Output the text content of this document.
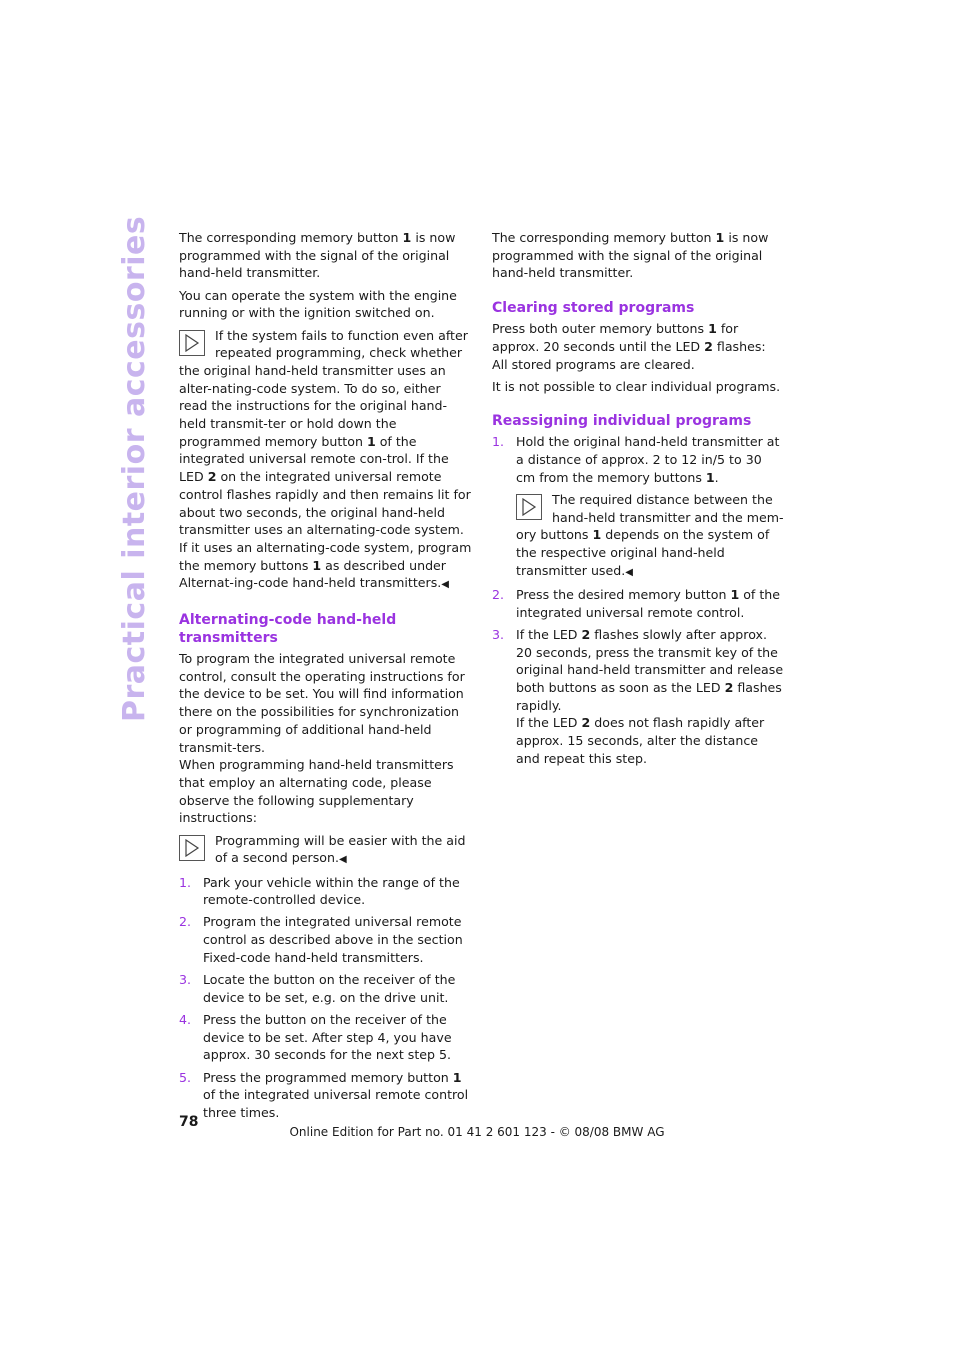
Practical interior accessories The corresponding memory button 1 is now programmed with the signal of the original hand-held transmitter.

You can operate the system with the engine running or with the ignition switched on.

If the system fails to function even after repeated programming, check whether the original hand-held transmitter uses an alter-nating-code system. To do so, either read the instructions for the original hand-held transmit-ter or hold down the programmed memory button 1 of the integrated universal remote con-trol. If the LED 2 on the integrated universal remote control flashes rapidly and then remains lit for about two seconds, the original hand-held transmitter uses an alternating-code system. If it uses an alternating-code system, program the memory buttons 1 as described under Alternat-ing-code hand-held transmitters.◀
Alternating-code hand-held transmitters

To program the integrated universal remote control, consult the operating instructions for the device to be set. You will find information there on the possibilities for synchronization or programming of additional hand-held transmit-ters.

When programming hand-held transmitters that employ an alternating code, please observe the following supplementary instructions:

Programming will be easier with the aid of a second person.◀
1. Park your vehicle within the range of the remote-controlled device.
2. Program the integrated universal remote control as described above in the section Fixed-code hand-held transmitters.
3. Locate the button on the receiver of the device to be set, e.g. on the drive unit.
4. Press the button on the receiver of the device to be set. After step 4, you have approx. 30 seconds for the next step 5.
5. Press the programmed memory button 1 of the integrated universal remote control three times.

The corresponding memory button 1 is now programmed with the signal of the original hand-held transmitter.

Clearing stored programs

Press both outer memory buttons 1 for approx. 20 seconds until the LED 2 flashes: All stored programs are cleared.

It is not possible to clear individual programs.

Reassigning individual programs
1. Hold the original hand-held transmitter at a distance of approx. 2 to 12 in/5 to 30 cm from the memory buttons 1.
The required distance between the hand-held transmitter and the mem-ory buttons 1 depends on the system of the respective original hand-held transmitter used.◀
2. Press the desired memory button 1 of the integrated universal remote control.
3. If the LED 2 flashes slowly after approx. 20 seconds, press the transmit key of the original hand-held transmitter and release both buttons as soon as the LED 2 flashes rapidly.
If the LED 2 does not flash rapidly after approx. 15 seconds, alter the distance and repeat this step.
78
Online Edition for Part no. 01 41 2 601 123 - © 08/08 BMW AG
